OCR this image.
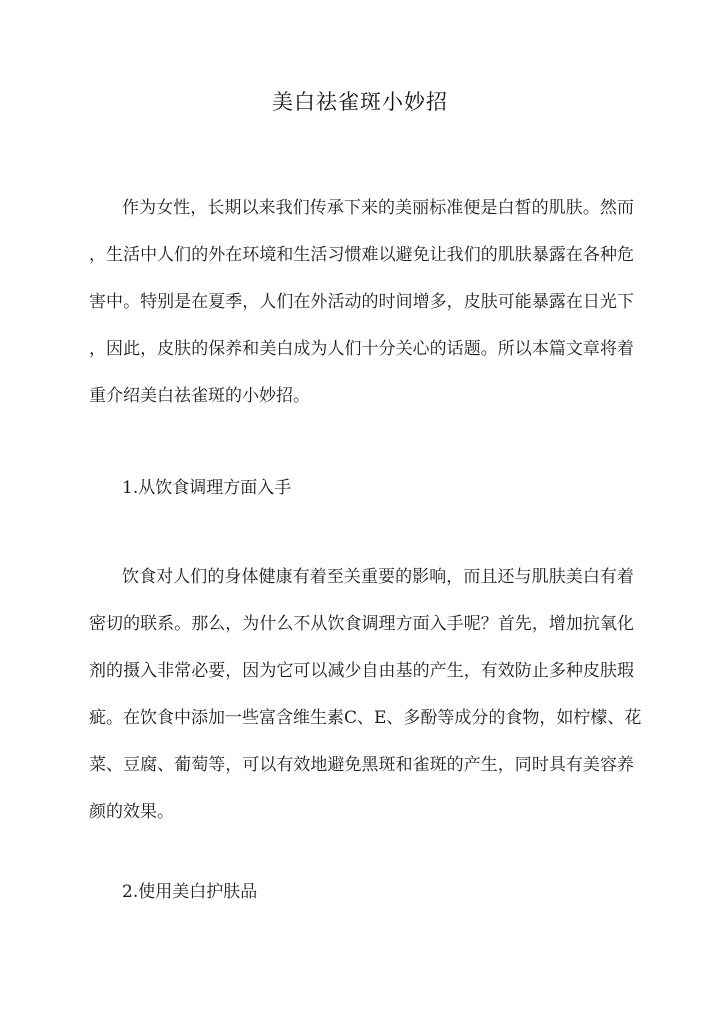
美白祛雀斑小妙招
作为女性，长期以来我们传承下来的美丽标准便是白皙的肌肤。然而
，生活中人们的外在环境和生活习惯难以避免让我们的肌肤暴露在各种危
害中。特别是在夏季，人们在外活动的时间增多，皮肤可能暴露在日光下
，因此，皮肤的保养和美白成为人们十分关心的话题。所以本篇文章将着
重介绍美白祛雀斑的小妙招。
1.从饮食调理方面入手
饮食对人们的身体健康有着至关重要的影响，而且还与肌肤美白有着
密切的联系。那么，为什么不从饮食调理方面入手呢？首先，增加抗氧化
剂的摄入非常必要，因为它可以减少自由基的产生，有效防止多种皮肤瑕
疵。在饮食中添加一些富含维生素C、E、多酚等成分的食物，如柠檬、花
菜、豆腐、葡萄等，可以有效地避免黑斑和雀斑的产生，同时具有美容养
颜的效果。
2.使用美白护肤品
